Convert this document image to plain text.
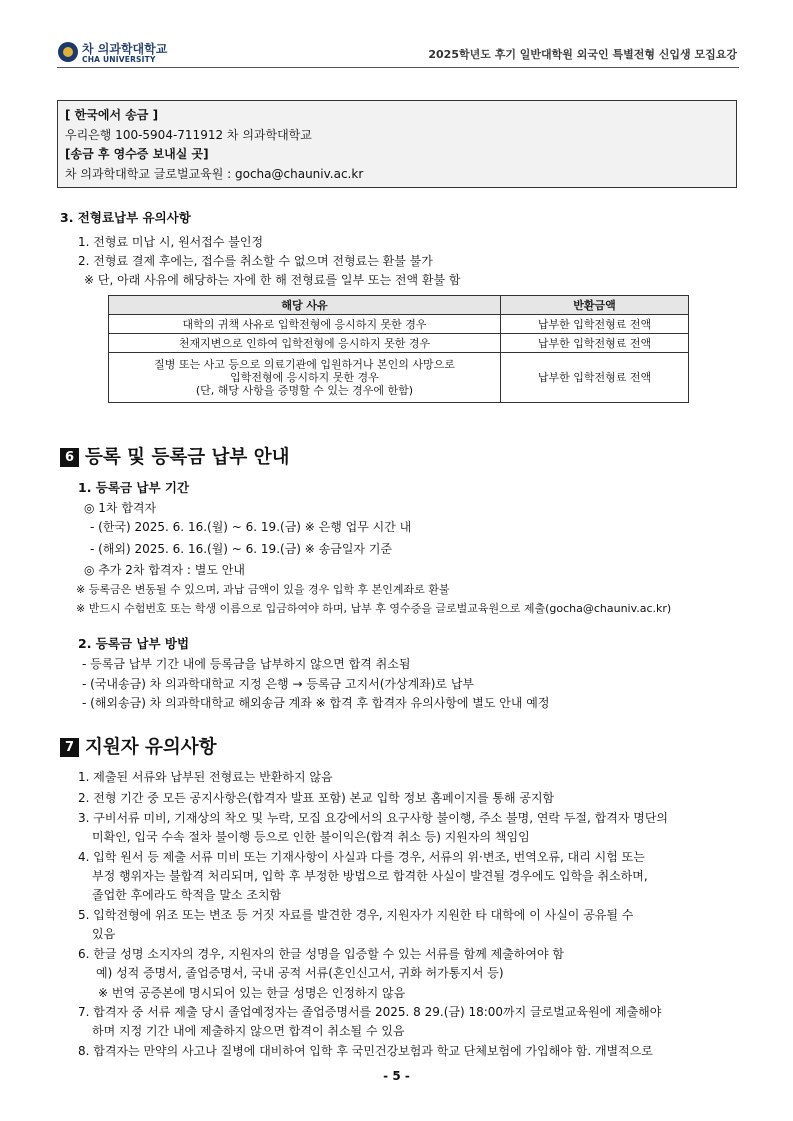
차 의과학대학교
CHA UNIVERSITY	2025학년도 후기 일반대학원 외국인 특별전형 신입생 모집요강
[ 한국에서 송금 ]
우리은행 100-5904-711912 차 의과학대학교
[송금 후 영수증 보내실 곳]
차 의과학대학교 글로벌교육원 : gocha@chauniv.ac.kr
3. 전형료납부 유의사항
1. 전형료 미납 시, 원서접수 불인정
2. 전형료 결제 후에는, 접수를 취소할 수 없으며 전형료는 환불 불가
※ 단, 아래 사유에 해당하는 자에 한 해 전형료를 일부 또는 전액 환불 함
해당 사유	반환금액
대학의 귀책 사유로 입학전형에 응시하지 못한 경우	납부한 입학전형료 전액
천재지변으로 인하여 입학전형에 응시하지 못한 경우	납부한 입학전형료 전액

질병 또는 사고 등으로 의료기관에 입원하거나 본인의 사망으로
입학전형에 응시하지 못한 경우
(단, 해당 사항을 증명할 수 있는 경우에 한함)	납부한 입학전형료 전액
6 등록 및 등록금 납부 안내
1. 등록금 납부 기간
◎ 1차 합격자
- (한국) 2025. 6. 16.(월) ~ 6. 19.(금) ※ 은행 업무 시간 내
- (해외) 2025. 6. 16.(월) ~ 6. 19.(금) ※ 송금일자 기준
◎ 추가 2차 합격자 : 별도 안내
※ 등록금은 변동될 수 있으며, 과납 금액이 있을 경우 입학 후 본인계좌로 환불
※ 반드시 수험번호 또는 학생 이름으로 입금하여야 하며, 납부 후 영수증을 글로벌교육원으로 제출(gocha@chauniv.ac.kr)
2. 등록금 납부 방법
- 등록금 납부 기간 내에 등록금을 납부하지 않으면 합격 취소됨
- (국내송금) 차 의과학대학교 지정 은행 → 등록금 고지서(가상계좌)로 납부
- (해외송금) 차 의과학대학교 해외송금 계좌 ※ 합격 후 합격자 유의사항에 별도 안내 예정
7 지원자 유의사항
1. 제출된 서류와 납부된 전형료는 반환하지 않음
2. 전형 기간 중 모든 공지사항은(합격자 발표 포함) 본교 입학 정보 홈페이지를 통해 공지함
3. 구비서류 미비, 기재상의 착오 및 누락, 모집 요강에서의 요구사항 불이행, 주소 불명, 연락 두절, 합격자 명단의
미확인, 입국 수속 절차 불이행 등으로 인한 불이익은(합격 취소 등) 지원자의 책임임
4. 입학 원서 등 제출 서류 미비 또는 기재사항이 사실과 다를 경우, 서류의 위·변조, 번역오류, 대리 시험 또는
부정 행위자는 불합격 처리되며, 입학 후 부정한 방법으로 합격한 사실이 발견될 경우에도 입학을 취소하며,
졸업한 후에라도 학적을 말소 조치함
5. 입학전형에 위조 또는 변조 등 거짓 자료를 발견한 경우, 지원자가 지원한 타 대학에 이 사실이 공유될 수
있음
6. 한글 성명 소지자의 경우, 지원자의 한글 성명을 입증할 수 있는 서류를 함께 제출하여야 함
예) 성적 증명서, 졸업증명서, 국내 공적 서류(혼인신고서, 귀화 허가통지서 등)
※ 번역 공증본에 명시되어 있는 한글 성명은 인정하지 않음
7. 합격자 중 서류 제출 당시 졸업예정자는 졸업증명서를 2025. 8 29.(금) 18:00까지 글로벌교육원에 제출해야
하며 지정 기간 내에 제출하지 않으면 합격이 취소될 수 있음
8. 합격자는 만약의 사고나 질병에 대비하여 입학 후 국민건강보험과 학교 단체보험에 가입해야 함. 개별적으로
- 5 -
